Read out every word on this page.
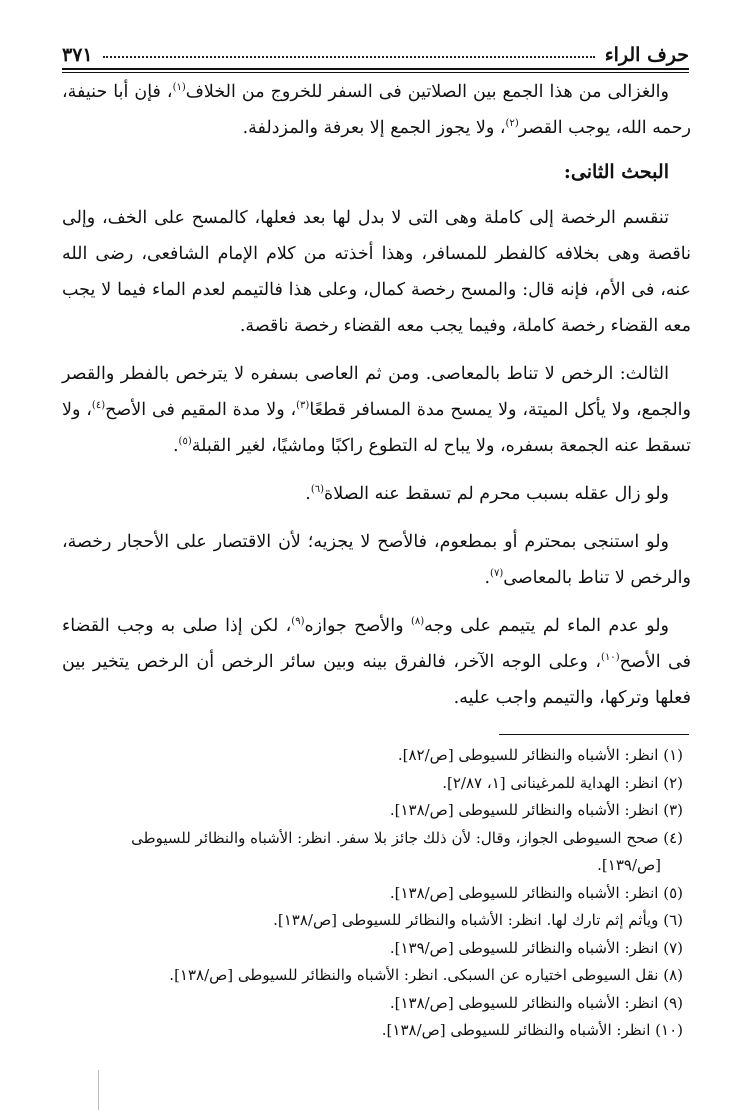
حرف الراء
٣٧١

والغزالى من هذا الجمع بين الصلاتين فى السفر للخروج من الخلاف$^{(١)}$، فإن أبا حنيفة، رحمه الله، يوجب القصر$^{(٢)}$، ولا يجوز الجمع إلا بعرفة والمزدلفة.

البحث الثانى:

تنقسم الرخصة إلى كاملة وهى التى لا بدل لها بعد فعلها، كالمسح على الخف، وإلى ناقصة وهى بخلافه كالفطر للمسافر، وهذا أخذته من كلام الإمام الشافعى، رضى الله عنه، فى الأم، فإنه قال: والمسح رخصة كمال، وعلى هذا فالتيمم لعدم الماء فيما لا يجب معه القضاء رخصة كاملة، وفيما يجب معه القضاء رخصة ناقصة.

الثالث: الرخص لا تناط بالمعاصى. ومن ثم العاصى بسفره لا يترخص بالفطر والقصر والجمع، ولا يأكل الميتة، ولا يمسح مدة المسافر قطعًا$^{(٣)}$، ولا مدة المقيم فى الأصح$^{(٤)}$، ولا تسقط عنه الجمعة بسفره، ولا يباح له التطوع راكبًا وماشيًا، لغير القبلة$^{(٥)}$.

ولو زال عقله بسبب محرم لم تسقط عنه الصلاة$^{(٦)}$.

ولو استنجى بمحترم أو بمطعوم، فالأصح لا يجزيه؛ لأن الاقتصار على الأحجار رخصة، والرخص لا تناط بالمعاصى$^{(٧)}$.

ولو عدم الماء لم يتيمم على وجه$^{(٨)}$ والأصح جوازه$^{(٩)}$، لكن إذا صلى به وجب القضاء فى الأصح$^{(١٠)}$، وعلى الوجه الآخر، فالفرق بينه وبين سائر الرخص أن الرخص يتخير بين فعلها وتركها، والتيمم واجب عليه.

(١) انظر: الأشباه والنظائر للسيوطى [ص/٨٢].

(٢) انظر: الهداية للمرغينانى [١، ٢/٨٧].

(٣) انظر: الأشباه والنظائر للسيوطى [ص/١٣٨].

(٤) صحح السيوطى الجواز، وقال: لأن ذلك جائز بلا سفر. انظر: الأشباه والنظائر للسيوطى
[ص/١٣٩].

(٥) انظر: الأشباه والنظائر للسيوطى [ص/١٣٨].

(٦) ويأثم إثم تارك لها. انظر: الأشباه والنظائر للسيوطى [ص/١٣٨].

(٧) انظر: الأشباه والنظائر للسيوطى [ص/١٣٩].

(٨) نقل السيوطى اختياره عن السبكى. انظر: الأشباه والنظائر للسيوطى [ص/١٣٨].

(٩) انظر: الأشباه والنظائر للسيوطى [ص/١٣٨].

(١٠) انظر: الأشباه والنظائر للسيوطى [ص/١٣٨].
